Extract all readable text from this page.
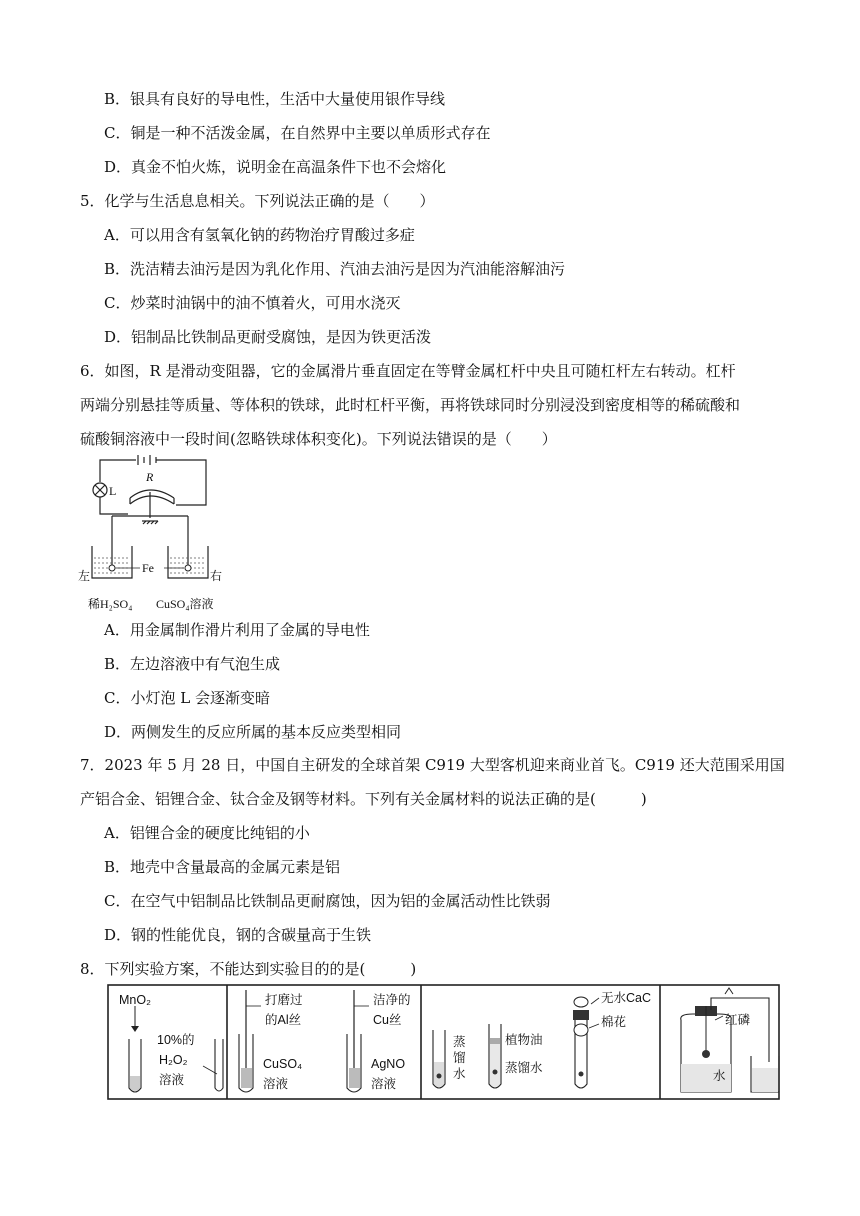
B．银具有良好的导电性，生活中大量使用银作导线
C．铜是一种不活泼金属，在自然界中主要以单质形式存在
D．真金不怕火炼，说明金在高温条件下也不会熔化
5．化学与生活息息相关。下列说法正确的是（　　）
A．可以用含有氢氧化钠的药物治疗胃酸过多症
B．洗洁精去油污是因为乳化作用、汽油去油污是因为汽油能溶解油污
C．炒菜时油锅中的油不慎着火，可用水浇灭
D．铝制品比铁制品更耐受腐蚀，是因为铁更活泼
6．如图，R 是滑动变阻器，它的金属滑片垂直固定在等臂金属杠杆中央且可随杠杆左右转动。杠杆
两端分别悬挂等质量、等体积的铁球，此时杠杆平衡，再将铁球同时分别浸没到密度相等的稀硫酸和
硫酸铜溶液中一段时间(忽略铁球体积变化)。下列说法错误的是（　　）
L
R
左	右
Fe
稀H₂SO₄ CuSO₄溶液
A．用金属制作滑片利用了金属的导电性
B．左边溶液中有气泡生成
C．小灯泡 L 会逐渐变暗
D．两侧发生的反应所属的基本反应类型相同
7．2023 年 5 月 28 日，中国自主研发的全球首架 C919 大型客机迎来商业首飞。C919 还大范围采用国
产铝合金、铝锂合金、钛合金及钢等材料。下列有关金属材料的说法正确的是(　　　)
A．铝锂合金的硬度比纯铝的小
B．地壳中含量最高的金属元素是铝
C．在空气中铝制品比铁制品更耐腐蚀，因为铝的金属活动性比铁弱
D．钢的性能优良，钢的含碳量高于生铁
8．下列实验方案，不能达到实验目的的是(　　　)
MnO₂
10%的
H₂O₂
溶液
打磨过
的Al丝
洁净的
Cu丝
CuSO₄
溶液
AgNO
溶液
蒸
馏
水
植物油
蒸馏水
无水CaC
棉花	红磷
水
